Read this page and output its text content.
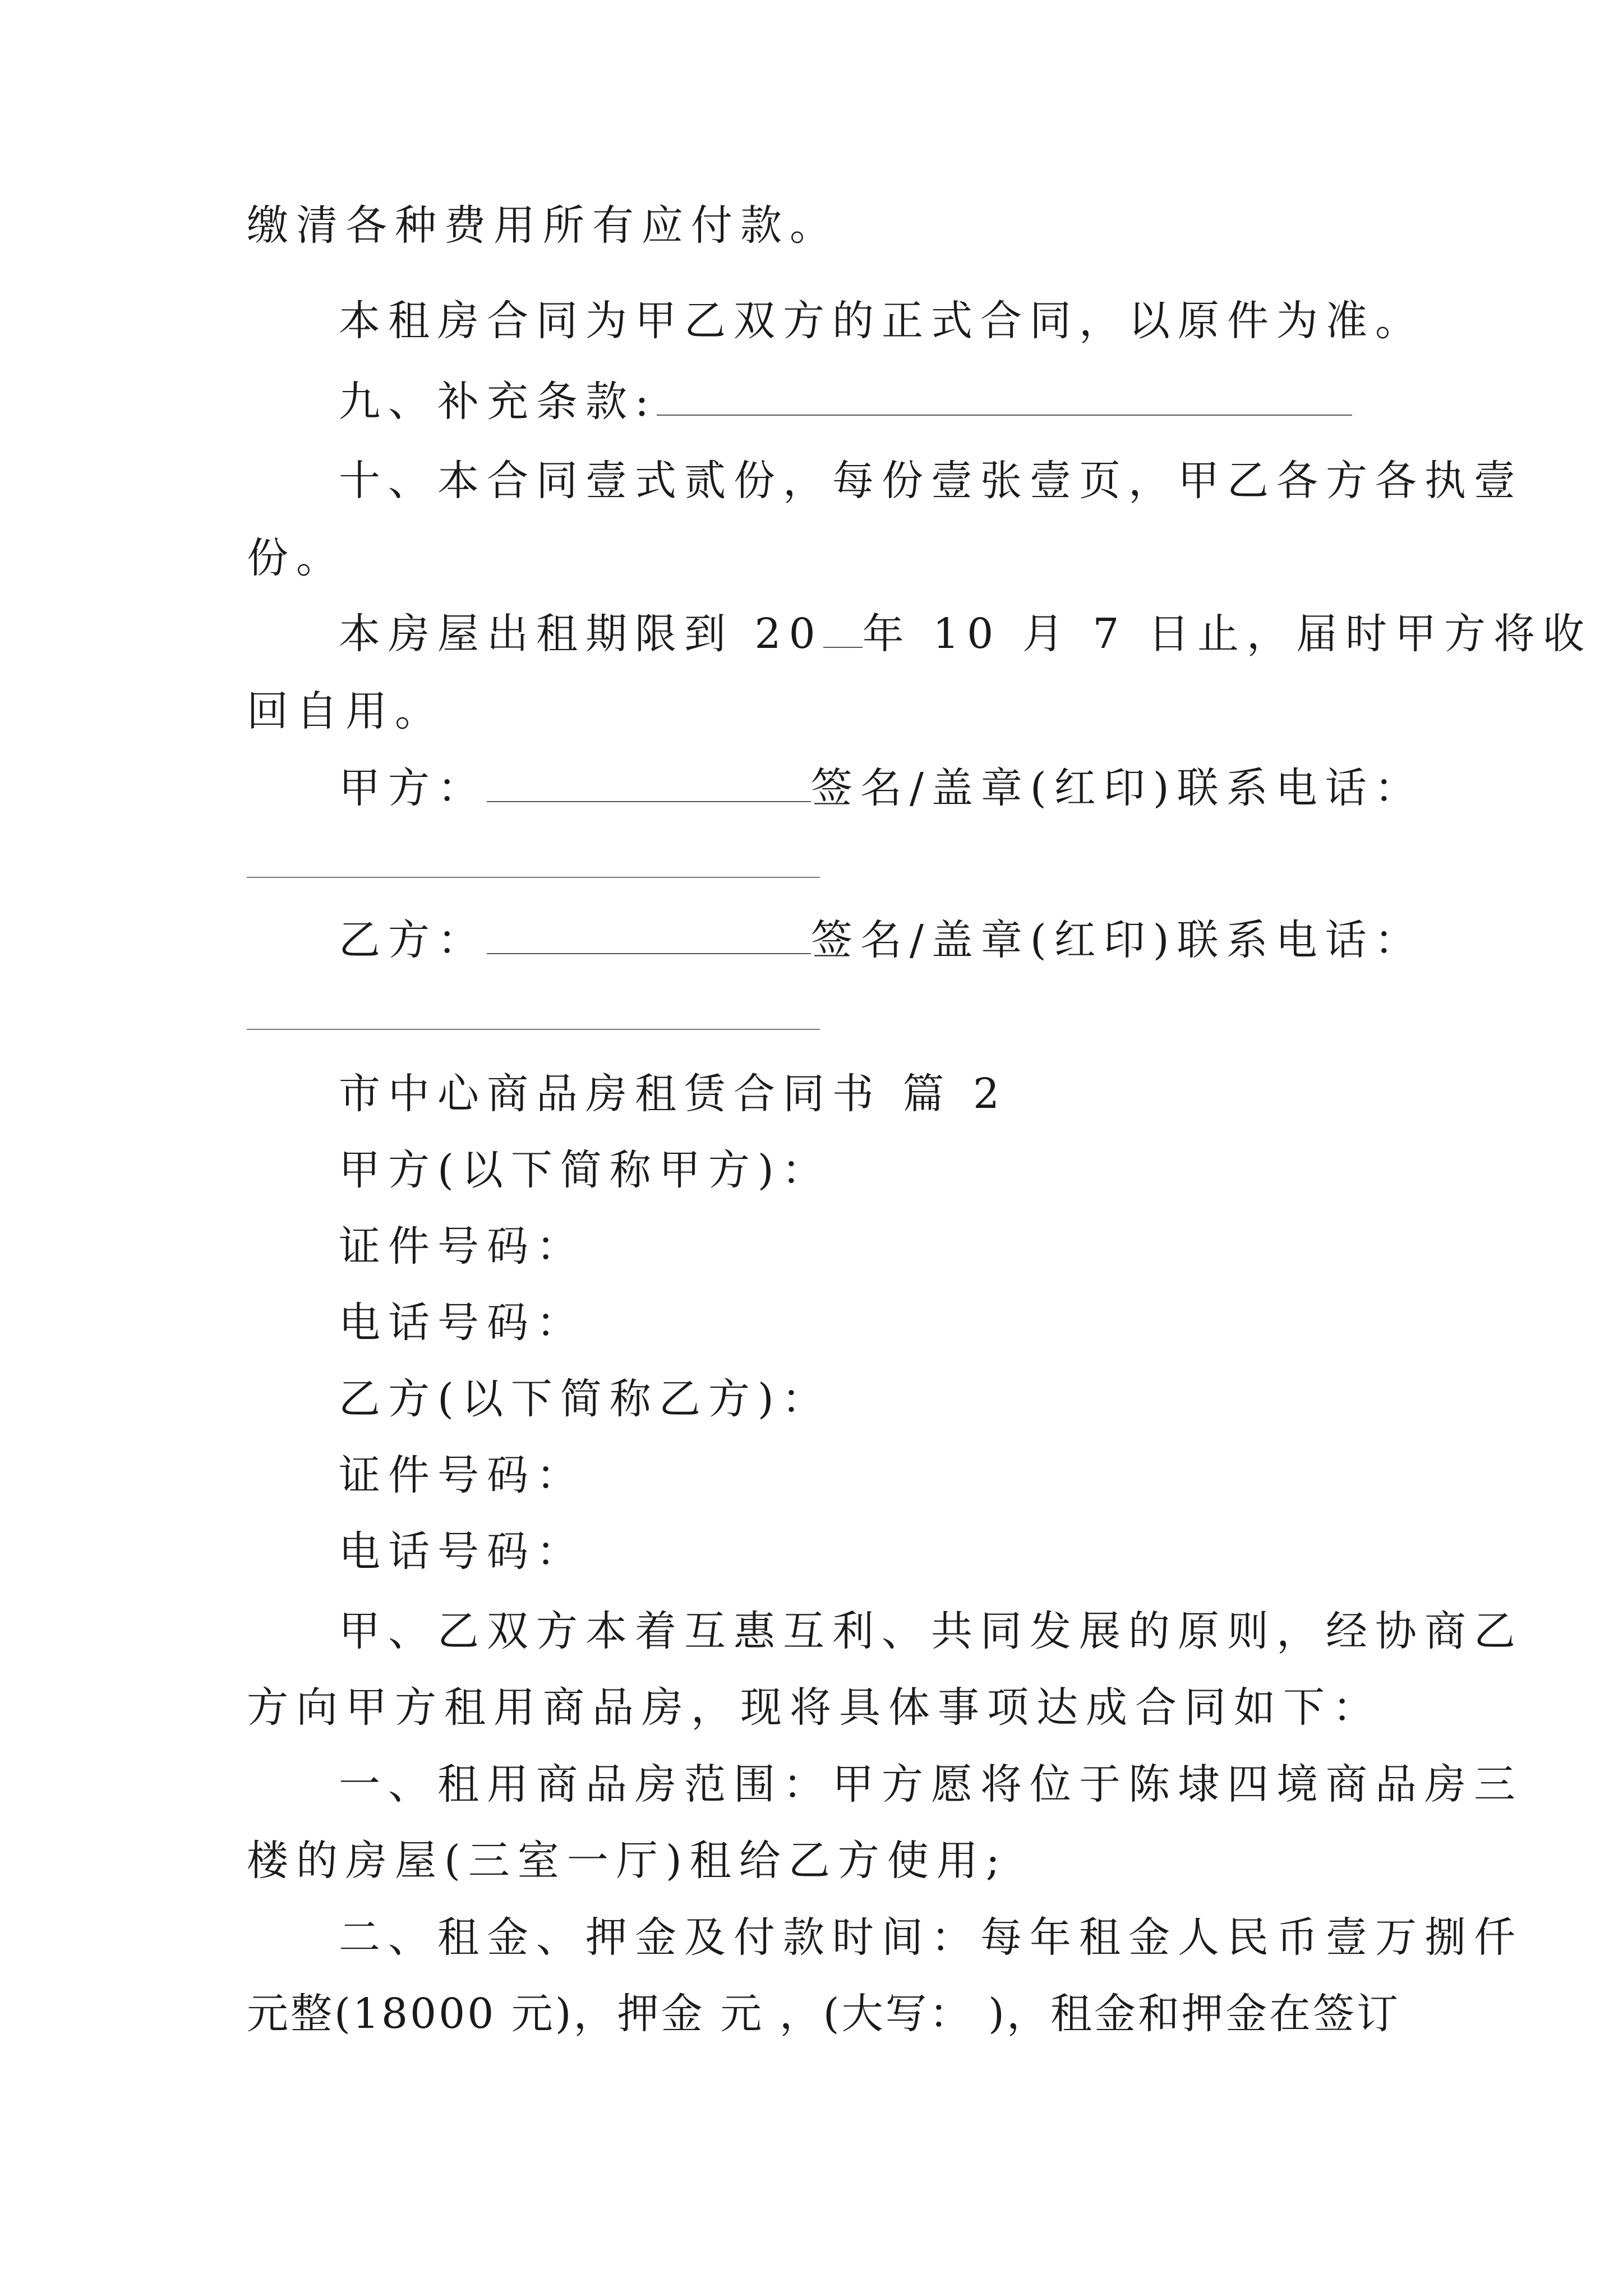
缴清各种费用所有应付款。
本租房合同为甲乙双方的正式合同，以原件为准。
九、补充条款:
十、本合同壹式贰份，每份壹张壹页，甲乙各方各执壹
份。
本房屋出租期限到 20 年 10 月 7 日止，届时甲方将收
回自用。
甲方：	签名/盖章(红印)联系电话：
乙方：	签名/盖章(红印)联系电话：
市中心商品房租赁合同书 篇 2
甲方(以下简称甲方)：
证件号码：
电话号码：
乙方(以下简称乙方)：
证件号码：
电话号码：
甲、乙双方本着互惠互利、共同发展的原则，经协商乙
方向甲方租用商品房，现将具体事项达成合同如下：
一、租用商品房范围：甲方愿将位于陈埭四境商品房三
楼的房屋(三室一厅)租给乙方使用;
二、租金、押金及付款时间：每年租金人民币壹万捌仟
元整(18000 元)，押金 元 ，(大写： )，租金和押金在签订
